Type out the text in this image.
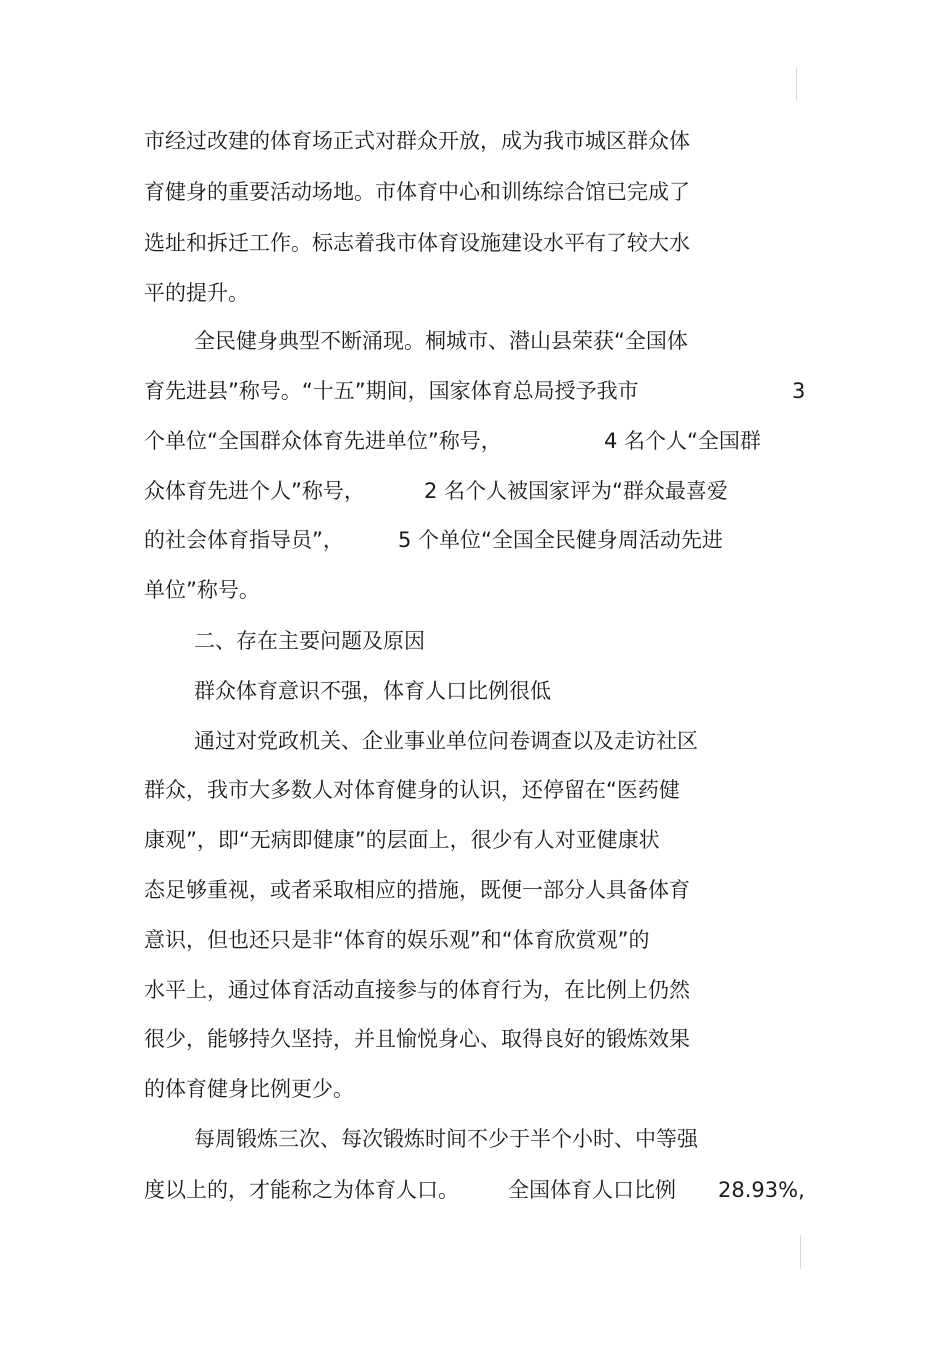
市经过改建的体育场正式对群众开放，成为我市城区群众体
育健身的重要活动场地。市体育中心和训练综合馆已完成了
选址和拆迁工作。标志着我市体育设施建设水平有了较大水
平的提升。
全民健身典型不断涌现。桐城市、潜山县荣获“全国体
育先进县”称号。“十五”期间，国家体育总局授予我市	3
个单位“全国群众体育先进单位”称号，	4 名个人“全国群
众体育先进个人”称号，	2 名个人被国家评为“群众最喜爱
的社会体育指导员”，	5 个单位“全国全民健身周活动先进
单位”称号。
二、存在主要问题及原因
群众体育意识不强，体育人口比例很低
通过对党政机关、企业事业单位问卷调查以及走访社区
群众，我市大多数人对体育健身的认识，还停留在“医药健
康观”，即“无病即健康”的层面上，很少有人对亚健康状
态足够重视，或者采取相应的措施，既便一部分人具备体育
意识，但也还只是非“体育的娱乐观”和“体育欣赏观”的
水平上，通过体育活动直接参与的体育行为，在比例上仍然
很少，能够持久坚持，并且愉悦身心、取得良好的锻炼效果
的体育健身比例更少。
每周锻炼三次、每次锻炼时间不少于半个小时、中等强
度以上的，才能称之为体育人口。 全国体育人口比例 28.93%,
